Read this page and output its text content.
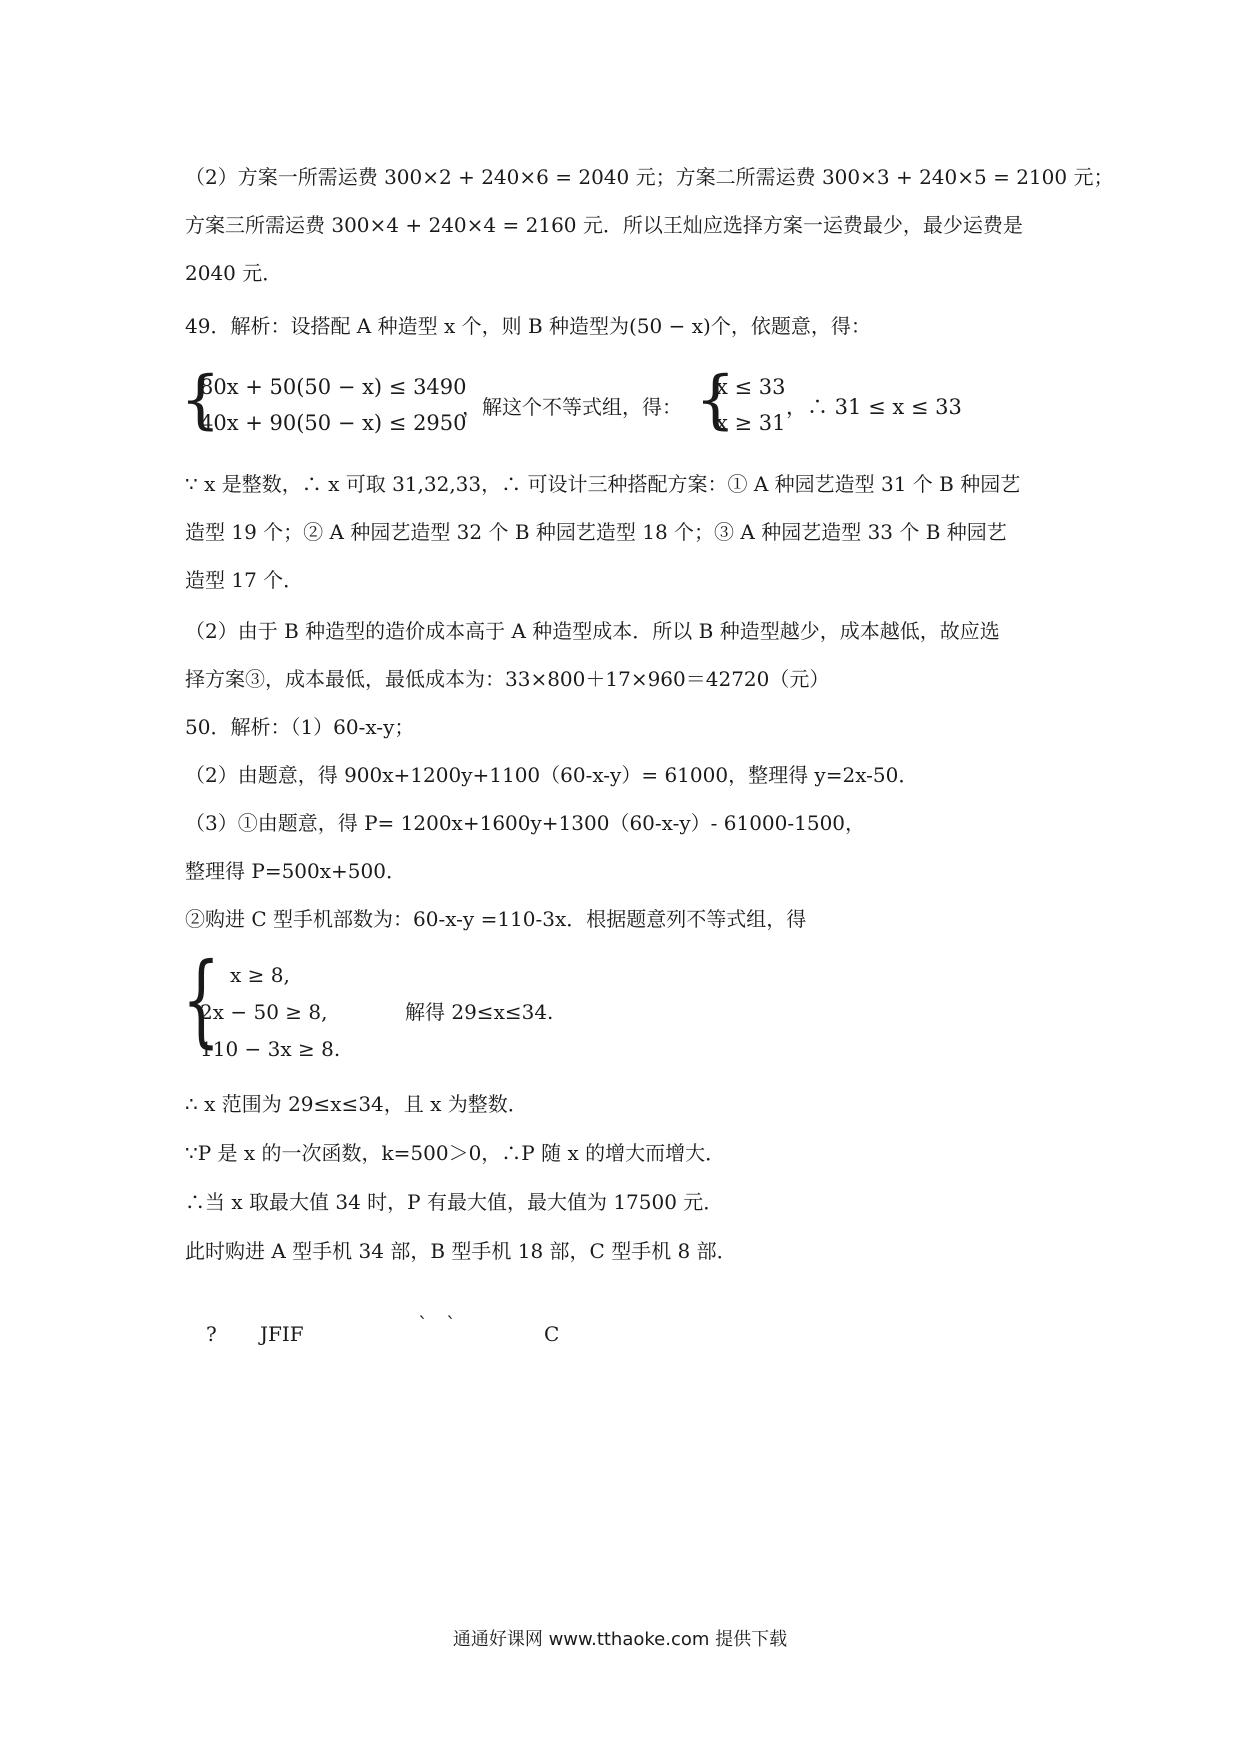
（2）方案一所需运费 300×2 + 240×6 = 2040 元；方案二所需运费 300×3 + 240×5 = 2100 元；
方案三所需运费 300×4 + 240×4 = 2160 元．所以王灿应选择方案一运费最少，最少运费是
2040 元．
49．解析：设搭配 A 种造型 x 个，则 B 种造型为(50 − x)个，依题意，得：
{
80x + 50(50 − x) ≤ 3490
40x + 90(50 − x) ≤ 2950
，解这个不等式组，得： {
x ≤ 33
x ≥ 31
，∴ 31 ≤ x ≤ 33
∵ x 是整数，∴ x 可取 31,32,33，∴ 可设计三种搭配方案：① A 种园艺造型 31 个 B 种园艺
造型 19 个；② A 种园艺造型 32 个 B 种园艺造型 18 个；③ A 种园艺造型 33 个 B 种园艺
造型 17 个．
（2）由于 B 种造型的造价成本高于 A 种造型成本．所以 B 种造型越少，成本越低，故应选
择方案③，成本最低，最低成本为：33×800＋17×960＝42720（元）
50．解析：（1）60-x-y；
（2）由题意，得 900x+1200y+1100（60-x-y）= 61000，整理得 y=2x-50．
（3）①由题意，得 P= 1200x+1600y+1300（60-x-y）- 61000-1500，
整理得 P=500x+500．
②购进 C 型手机部数为：60-x-y =110-3x．根据题意列不等式组，得
{ x ≥ 8,
2x − 50 ≥ 8,
110 − 3x ≥ 8.
解得 29≤x≤34.
∴ x 范围为 29≤x≤34，且 x 为整数．
∵P 是 x 的一次函数，k=500＞0，∴P 随 x 的增大而增大．
∴当 x 取最大值 34 时，P 有最大值，最大值为 17500 元．
此时购进 A 型手机 34 部，B 型手机 18 部，C 型手机 8 部．
? JFIF	` `	C
通通好课网 www.tthaoke.com 提供下载
